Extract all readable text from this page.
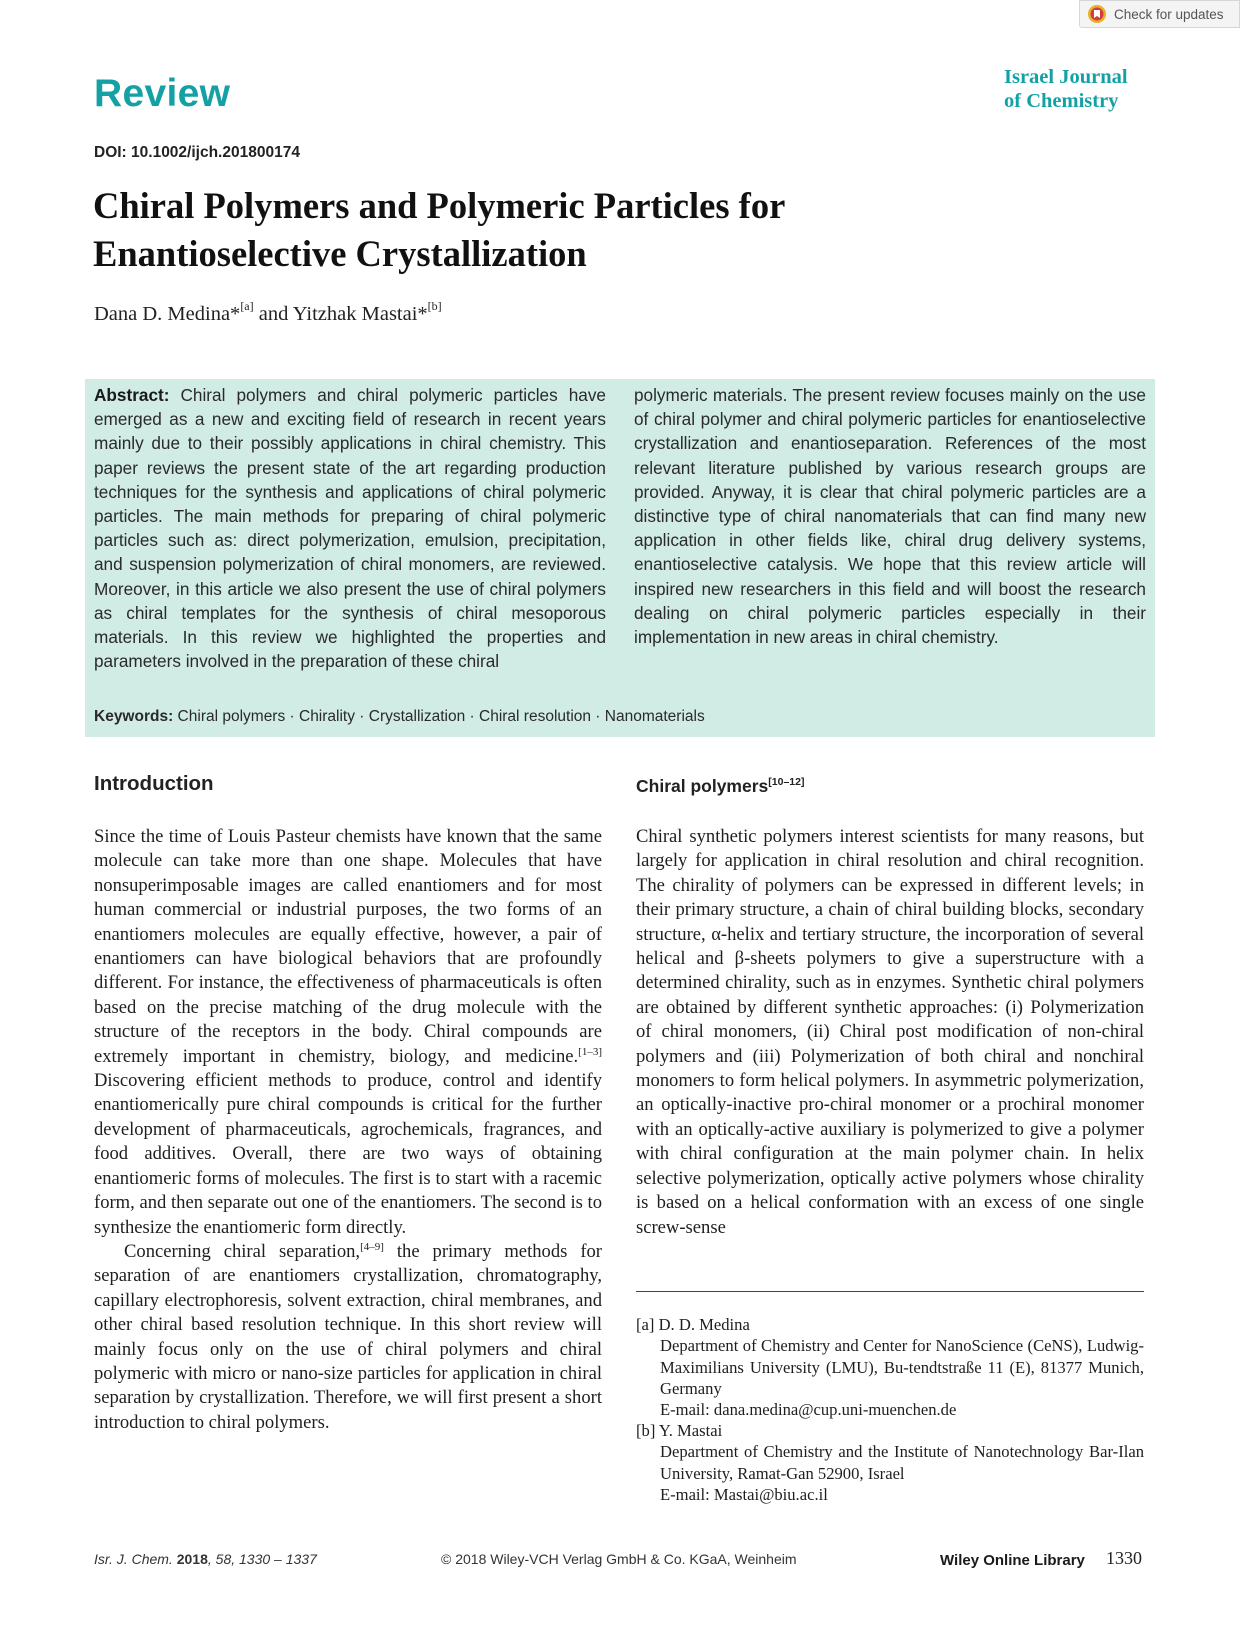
Check for updates
Review	Israel Journal
of Chemistry
DOI: 10.1002/ijch.201800174
Chiral Polymers and Polymeric Particles for
Enantioselective Crystallization
Dana D. Medina*[a] and Yitzhak Mastai*[b]

Abstract: Chiral polymers and chiral polymeric particles have emerged as a new and exciting field of research in recent years mainly due to their possibly applications in chiral chemistry. This paper reviews the present state of the art regarding production techniques for the synthesis and applications of chiral polymeric particles. The main methods for preparing of chiral polymeric particles such as: direct polymerization, emulsion, precipitation, and suspension polymerization of chiral monomers, are reviewed. Moreover, in this article we also present the use of chiral polymers as chiral templates for the synthesis of chiral mesoporous materials. In this review we highlighted the properties and parameters involved in the preparation of these chiral

polymeric materials. The present review focuses mainly on the use of chiral polymer and chiral polymeric particles for enantioselective crystallization and enantioseparation. References of the most relevant literature published by various research groups are provided. Anyway, it is clear that chiral polymeric particles are a distinctive type of chiral nanomaterials that can find many new application in other fields like, chiral drug delivery systems, enantioselective catalysis. We hope that this review article will inspired new researchers in this field and will boost the research dealing on chiral polymeric particles especially in their implementation in new areas in chiral chemistry.

Keywords: Chiral polymers · Chirality · Crystallization · Chiral resolution · Nanomaterials
Introduction	Chiral polymers[10–12]

Since the time of Louis Pasteur chemists have known that the same molecule can take more than one shape. Molecules that have nonsuperimposable images are called enantiomers and for most human commercial or industrial purposes, the two forms of an enantiomers molecules are equally effective, however, a pair of enantiomers can have biological behaviors that are profoundly different. For instance, the effectiveness of pharmaceuticals is often based on the precise matching of the drug molecule with the structure of the receptors in the body. Chiral compounds are extremely important in chemistry, biology, and medicine.[1–3] Discovering efficient methods to produce, control and identify enantiomerically pure chiral compounds is critical for the further development of pharmaceuticals, agrochemicals, fragrances, and food additives. Overall, there are two ways of obtaining enantiomeric forms of molecules. The first is to start with a racemic form, and then separate out one of the enantiomers. The second is to synthesize the enantiomeric form directly.

Concerning chiral separation,[4–9] the primary methods for separation of are enantiomers crystallization, chromatography, capillary electrophoresis, solvent extraction, chiral membranes, and other chiral based resolution technique. In this short review will mainly focus only on the use of chiral polymers and chiral polymeric with micro or nano-size particles for application in chiral separation by crystallization. Therefore, we will first present a short introduction to chiral polymers.

Chiral synthetic polymers interest scientists for many reasons, but largely for application in chiral resolution and chiral recognition. The chirality of polymers can be expressed in different levels; in their primary structure, a chain of chiral building blocks, secondary structure, α-helix and tertiary structure, the incorporation of several helical and β-sheets polymers to give a superstructure with a determined chirality, such as in enzymes. Synthetic chiral polymers are obtained by different synthetic approaches: (i) Polymerization of chiral monomers, (ii) Chiral post modification of non-chiral polymers and (iii) Polymerization of both chiral and nonchiral monomers to form helical polymers. In asymmetric polymerization, an optically-inactive pro-chiral monomer or a prochiral monomer with an optically-active auxiliary is polymerized to give a polymer with chiral configuration at the main polymer chain. In helix selective polymerization, optically active polymers whose chirality is based on a helical conformation with an excess of one single screw-sense

[a] D. D. Medina

Department of Chemistry and Center for NanoScience (CeNS), Ludwig-Maximilians University (LMU), Bu-tendtstraße 11 (E), 81377 Munich, Germany

E-mail: dana.medina@cup.uni-muenchen.de

[b] Y. Mastai

Department of Chemistry and the Institute of Nanotechnology Bar-Ilan University, Ramat-Gan 52900, Israel

E-mail: Mastai@biu.ac.il

Isr. J. Chem. 2018, 58, 1330 – 1337	© 2018 Wiley-VCH Verlag GmbH & Co. KGaA, Weinheim	Wiley Online Library 1330
